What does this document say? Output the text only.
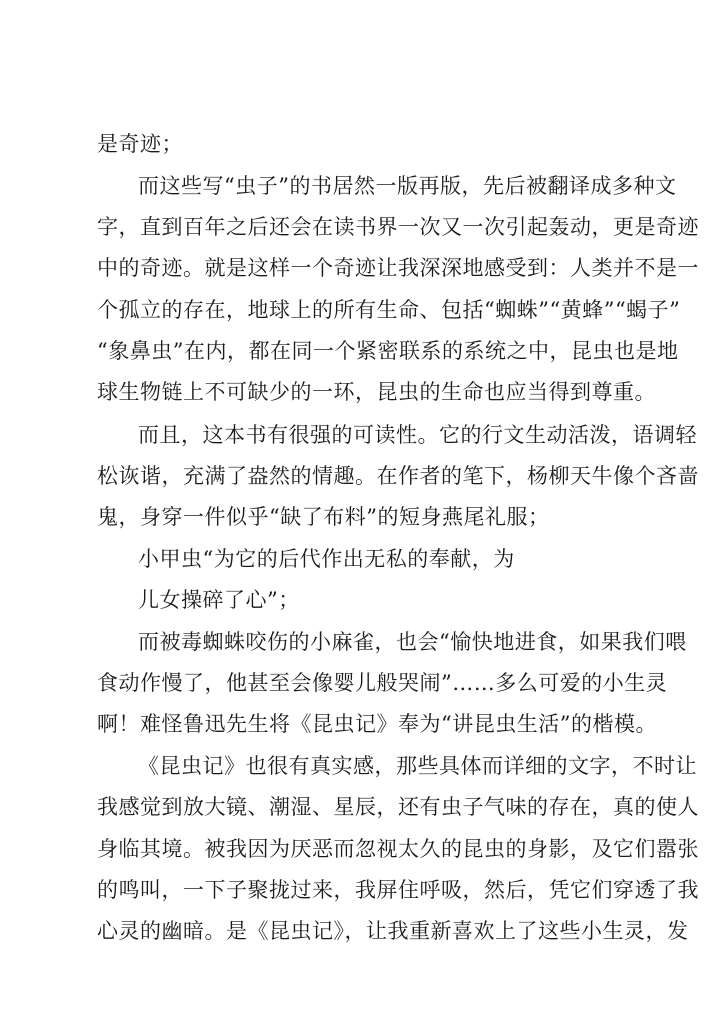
是奇迹；
而这些写“虫子”的书居然一版再版，先后被翻译成多种文
字，直到百年之后还会在读书界一次又一次引起轰动，更是奇迹
中的奇迹。就是这样一个奇迹让我深深地感受到：人类并不是一
个孤立的存在，地球上的所有生命、包括“蜘蛛”“黄蜂”“蝎子”
“象鼻虫”在内，都在同一个紧密联系的系统之中，昆虫也是地
球生物链上不可缺少的一环，昆虫的生命也应当得到尊重。
而且，这本书有很强的可读性。它的行文生动活泼，语调轻
松诙谐，充满了盎然的情趣。在作者的笔下，杨柳天牛像个吝啬
鬼，身穿一件似乎“缺了布料”的短身燕尾礼服；
小甲虫“为它的后代作出无私的奉献，为
儿女操碎了心”；
而被毒蜘蛛咬伤的小麻雀，也会“愉快地进食，如果我们喂
食动作慢了，他甚至会像婴儿般哭闹”……多么可爱的小生灵
啊！难怪鲁迅先生将《昆虫记》奉为“讲昆虫生活”的楷模。
《昆虫记》也很有真实感，那些具体而详细的文字，不时让
我感觉到放大镜、潮湿、星辰，还有虫子气味的存在，真的使人
身临其境。被我因为厌恶而忽视太久的昆虫的身影，及它们嚣张
的鸣叫，一下子聚拢过来，我屏住呼吸，然后，凭它们穿透了我
心灵的幽暗。是《昆虫记》，让我重新喜欢上了这些小生灵，发
